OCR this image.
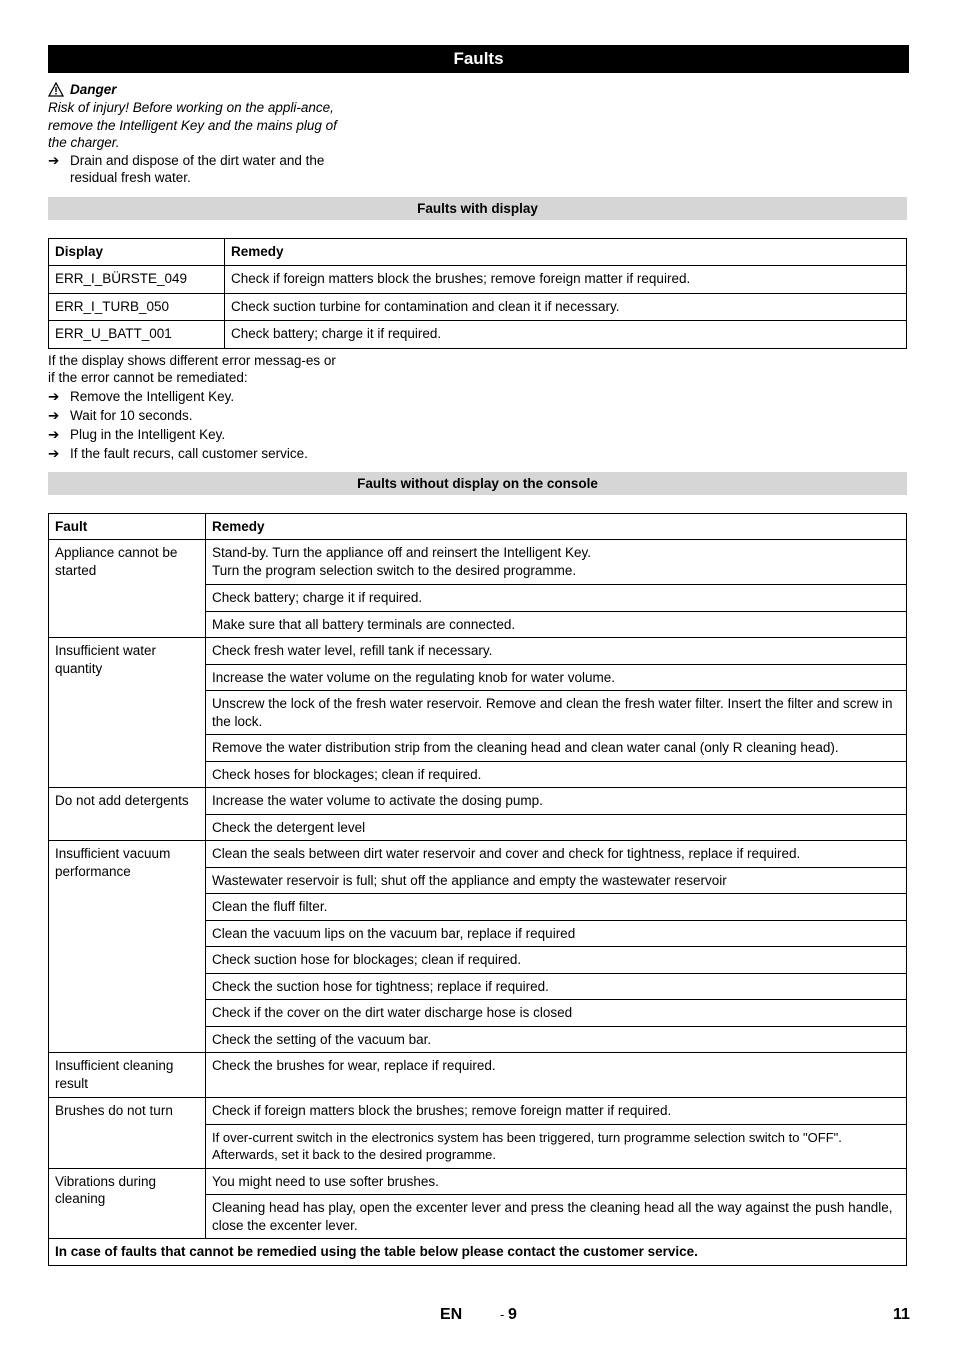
Faults
Danger
Risk of injury! Before working on the appli-ance, remove the Intelligent Key and the mains plug of the charger.
➔ Drain and dispose of the dirt water and the residual fresh water.
Faults with display
Display	Remedy
ERR_I_BÜRSTE_049	Check if foreign matters block the brushes; remove foreign matter if required.
ERR_I_TURB_050	Check suction turbine for contamination and clean it if necessary.
ERR_U_BATT_001	Check battery; charge it if required.
If the display shows different error messag-es or if the error cannot be remediated:
➔ Remove the Intelligent Key.
➔ Wait for 10 seconds.
➔ Plug in the Intelligent Key.
➔ If the fault recurs, call customer service.
Faults without display on the console
Fault	Remedy
Appliance cannot be started	Stand-by. Turn the appliance off and reinsert the Intelligent Key.
Turn the program selection switch to the desired programme.
	Check battery; charge it if required.
	Make sure that all battery terminals are connected.
Insufficient water quantity	Check fresh water level, refill tank if necessary.
	Increase the water volume on the regulating knob for water volume.
	Unscrew the lock of the fresh water reservoir. Remove and clean the fresh water filter. Insert the filter and screw in the lock.
	Remove the water distribution strip from the cleaning head and clean water canal (only R cleaning head).
	Check hoses for blockages; clean if required.
Do not add detergents	Increase the water volume to activate the dosing pump.
	Check the detergent level
Insufficient vacuum performance	Clean the seals between dirt water reservoir and cover and check for tightness, replace if required.
	Wastewater reservoir is full; shut off the appliance and empty the wastewater reservoir
	Clean the fluff filter.
	Clean the vacuum lips on the vacuum bar, replace if required
	Check suction hose for blockages; clean if required.
	Check the suction hose for tightness; replace if required.
	Check if the cover on the dirt water discharge hose is closed
	Check the setting of the vacuum bar.
Insufficient cleaning result	Check the brushes for wear, replace if required.
Brushes do not turn	Check if foreign matters block the brushes; remove foreign matter if required.
	If over-current switch in the electronics system has been triggered, turn programme selection switch to "OFF". Afterwards, set it back to the desired programme.
Vibrations during cleaning	You might need to use softer brushes.
	Cleaning head has play, open the excenter lever and press the cleaning head all the way against the push handle, close the excenter lever.
In case of faults that cannot be remedied using the table below please contact the customer service.	
EN	- 9	11
